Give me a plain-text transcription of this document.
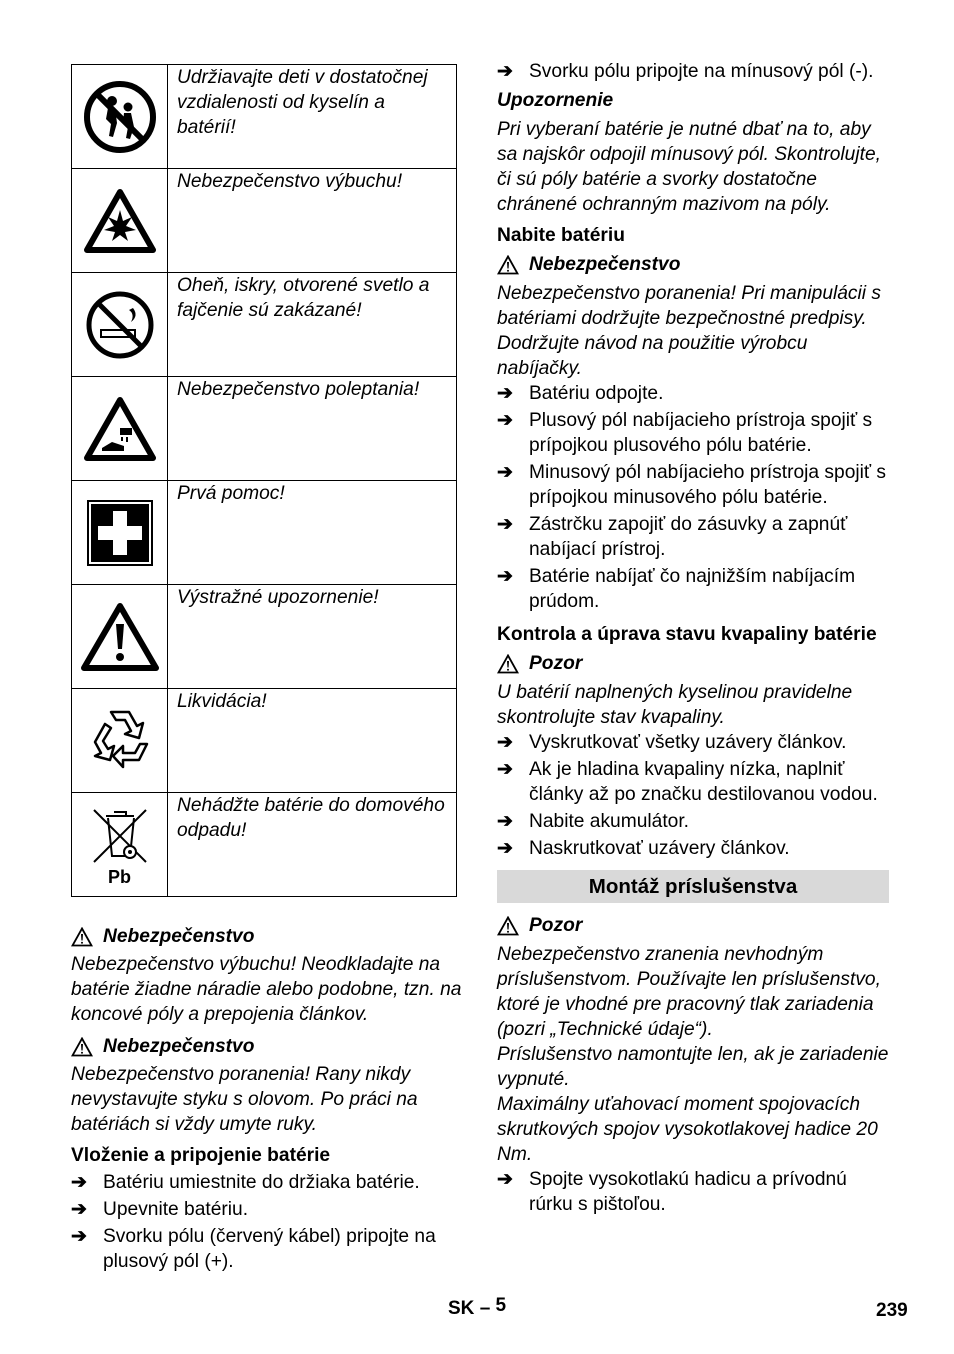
	Udržiavajte deti v dostatočnej vzdialenosti od kyselín a batérií!

	Nebezpečenstvo výbuchu!

	Oheň, iskry, otvorené svetlo a fajčenie sú zakázané!

	Nebezpečenstvo poleptania!

	Prvá pomoc!

	Výstražné upozornenie!

	Likvidácia!

Pb	Nehádžte batérie do domového odpadu!
Nebezpečenstvo

Nebezpečenstvo výbuchu! Neodkladajte na batérie žiadne náradie alebo podobne, tzn. na koncové póly a prepojenia článkov.

Nebezpečenstvo

Nebezpečenstvo poranenia! Rany nikdy nevystavujte styku s olovom. Po práci na batériách si vždy umyte ruky.

Vloženie a pripojenie batérie

➔ Batériu umiestnite do držiaka batérie.
➔ Upevnite batériu.
➔ Svorku pólu (červený kábel) pripojte na plusový pól (+).
➔ Svorku pólu pripojte na mínusový pól (-).

Upozornenie

Pri vyberaní batérie je nutné dbať na to, aby sa najskôr odpojil mínusový pól. Skontrolujte, či sú póly batérie a svorky dostatočne chránené ochranným mazivom na póly.

Nabite batériu

Nebezpečenstvo

Nebezpečenstvo poranenia! Pri manipulácii s batériami dodržujte bezpečnostné predpisy. Dodržujte návod na použitie výrobcu nabíjačky.

➔ Batériu odpojte.
➔ Plusový pól nabíjacieho prístroja spojiť s prípojkou plusového pólu batérie.
➔ Minusový pól nabíjacieho prístroja spojiť s prípojkou minusového pólu batérie.
➔ Zástrčku zapojiť do zásuvky a zapnúť nabíjací prístroj.
➔ Batérie nabíjať čo najnižším nabíjacím prúdom.

Kontrola a úprava stavu kvapaliny batérie

Pozor

U batérií naplnených kyselinou pravidelne skontrolujte stav kvapaliny.

➔ Vyskrutkovať všetky uzávery článkov.
➔ Ak je hladina kvapaliny nízka, naplniť články až po značku destilovanou vodou.
➔ Nabite akumulátor.
➔ Naskrutkovať uzávery článkov.
Montáž príslušenstva
Pozor

Nebezpečenstvo zranenia nevhodným príslušenstvom. Používajte len príslušenstvo, ktoré je vhodné pre pracovný tlak zariadenia (pozri „Technické údaje“).

Príslušenstvo namontujte len, ak je zariadenie vypnuté.

Maximálny uťahovací moment spojovacích skrutkových spojov vysokotlakovej hadice 20 Nm.

➔ Spojte vysokotlakú hadicu a prívodnú rúrku s pištoľou.
SK – 5	239
